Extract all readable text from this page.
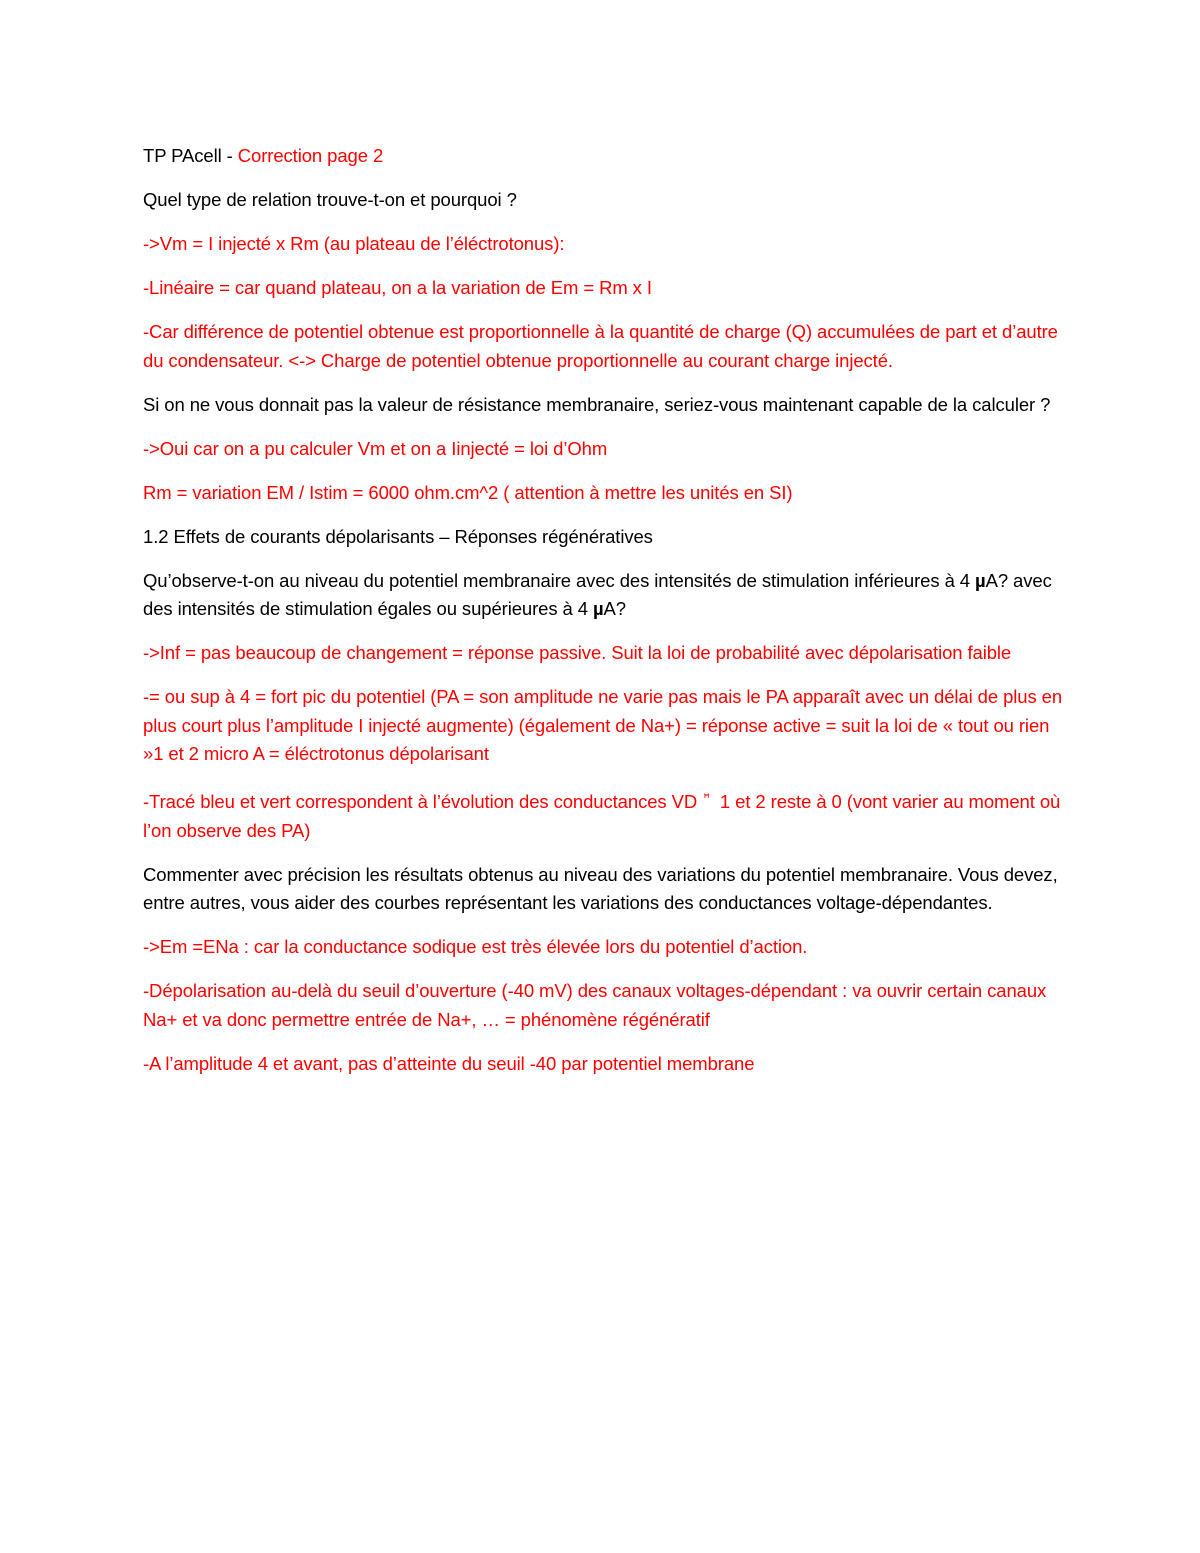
TP PAcell - Correction page 2

Quel type de relation trouve-t-on et pourquoi ?

->Vm = I injecté x Rm (au plateau de l’éléctrotonus):

-Linéaire = car quand plateau, on a la variation de Em = Rm x I

-Car différence de potentiel obtenue est proportionnelle à la quantité de charge (Q) accumulées de part et d’autre du condensateur. <-> Charge de potentiel obtenue proportionnelle au courant charge injecté.

Si on ne vous donnait pas la valeur de résistance membranaire, seriez-vous maintenant capable de la calculer ?

->Oui car on a pu calculer Vm et on a Iinjecté = loi d’Ohm

Rm = variation EM / Istim = 6000 ohm.cm^2 ( attention à mettre les unités en SI)

1.2 Effets de courants dépolarisants – Réponses régénératives

Qu’observe-t-on au niveau du potentiel membranaire avec des intensités de stimulation inférieures à 4 µA? avec des intensités de stimulation égales ou supérieures à 4 µA?

->Inf = pas beaucoup de changement = réponse passive. Suit la loi de probabilité avec dépolarisation faible

-= ou sup à 4 = fort pic du potentiel (PA = son amplitude ne varie pas mais le PA apparaît avec un délai de plus en plus court plus l’amplitude I injecté augmente) (également de Na+) = réponse active = suit la loi de « tout ou rien »1 et 2 micro A = éléctrotonus dépolarisant

-Tracé bleu et vert correspondent à l’évolution des conductances VD ꟸ 1 et 2 reste à 0 (vont varier au moment où l’on observe des PA)

Commenter avec précision les résultats obtenus au niveau des variations du potentiel membranaire. Vous devez, entre autres, vous aider des courbes représentant les variations des conductances voltage-dépendantes.

->Em =ENa : car la conductance sodique est très élevée lors du potentiel d’action.

-Dépolarisation au-delà du seuil d’ouverture (-40 mV) des canaux voltages-dépendant : va ouvrir certain canaux Na+ et va donc permettre entrée de Na+, … = phénomène régénératif

-A l’amplitude 4 et avant, pas d’atteinte du seuil -40 par potentiel membrane
